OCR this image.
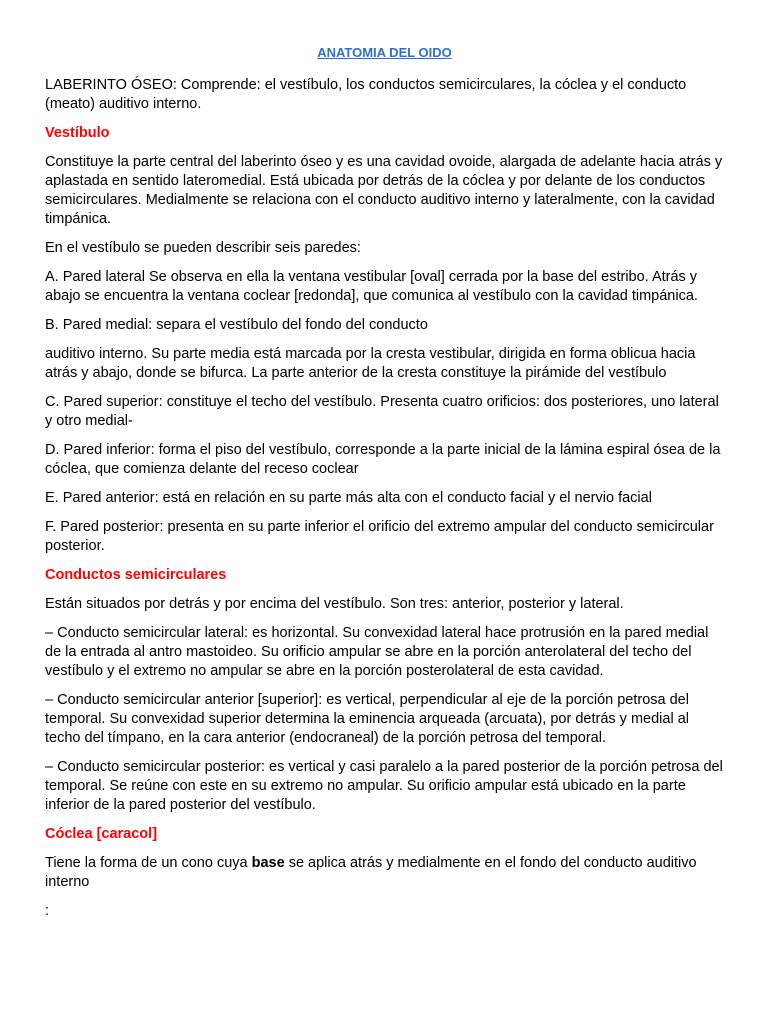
ANATOMIA DEL OIDO

LABERINTO ÓSEO: Comprende: el vestíbulo, los conductos semicirculares, la cóclea y el conducto (meato) auditivo interno.

Vestíbulo

Constituye la parte central del laberinto óseo y es una cavidad ovoide, alargada de adelante hacia atrás y aplastada en sentido lateromedial. Está ubicada por detrás de la cóclea y por delante de los conductos semicirculares. Medialmente se relaciona con el conducto auditivo interno y lateralmente, con la cavidad timpánica.

En el vestíbulo se pueden describir seis paredes:

A. Pared lateral Se observa en ella la ventana vestibular [oval] cerrada por la base del estribo. Atrás y abajo se encuentra la ventana coclear [redonda], que comunica al vestíbulo con la cavidad timpánica.

B. Pared medial: separa el vestíbulo del fondo del conducto

auditivo interno. Su parte media está marcada por la cresta vestibular, dirigida en forma oblicua hacia atrás y abajo, donde se bifurca. La parte anterior de la cresta constituye la pirámide del vestíbulo

C. Pared superior: constituye el techo del vestíbulo. Presenta cuatro orificios: dos posteriores, uno lateral y otro medial-

D. Pared inferior: forma el piso del vestíbulo, corresponde a la parte inicial de la lámina espiral ósea de la cóclea, que comienza delante del receso coclear

E. Pared anterior: está en relación en su parte más alta con el conducto facial y el nervio facial

F. Pared posterior: presenta en su parte inferior el orificio del extremo ampular del conducto semicircular posterior.

Conductos semicirculares

Están situados por detrás y por encima del vestíbulo. Son tres: anterior, posterior y lateral.

– Conducto semicircular lateral: es horizontal. Su convexidad lateral hace protrusión en la pared medial de la entrada al antro mastoideo. Su orificio ampular se abre en la porción anterolateral del techo del vestíbulo y el extremo no ampular se abre en la porción posterolateral de esta cavidad.

– Conducto semicircular anterior [superior]: es vertical, perpendicular al eje de la porción petrosa del temporal. Su convexidad superior determina la eminencia arqueada (arcuata), por detrás y medial al techo del tímpano, en la cara anterior (endocraneal) de la porción petrosa del temporal.

– Conducto semicircular posterior: es vertical y casi paralelo a la pared posterior de la porción petrosa del temporal. Se reúne con este en su extremo no ampular. Su orificio ampular está ubicado en la parte inferior de la pared posterior del vestíbulo.

Cóclea [caracol]

Tiene la forma de un cono cuya base se aplica atrás y medialmente en el fondo del conducto auditivo interno

:
